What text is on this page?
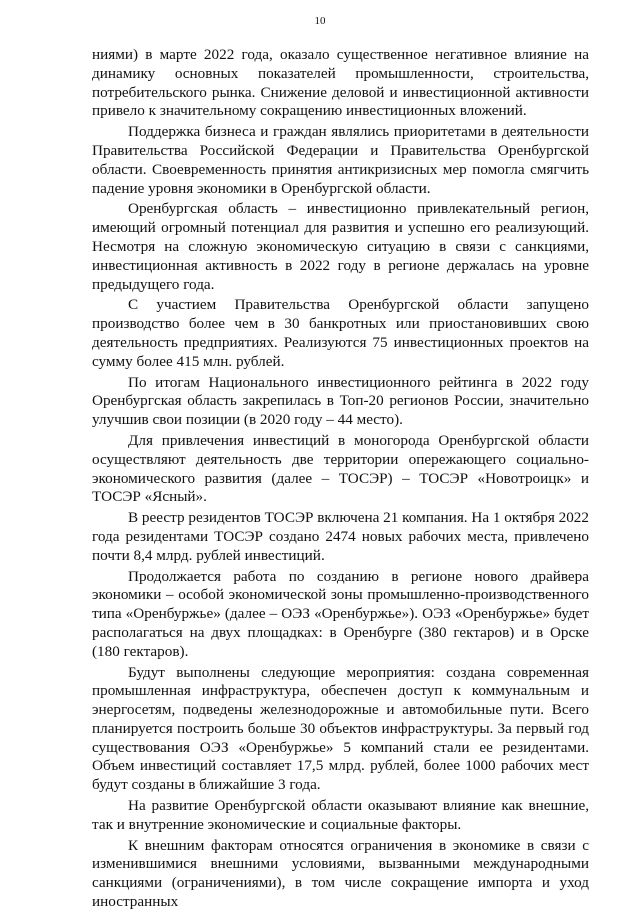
10

ниями) в марте 2022 года, оказало существенное негативное влияние на динамику основных показателей промышленности, строительства, потребительского рынка. Снижение деловой и инвестиционной активности привело к значительному сокращению инвестиционных вложений.

Поддержка бизнеса и граждан являлись приоритетами в деятельности Правительства Российской Федерации и Правительства Оренбургской области. Своевременность принятия антикризисных мер помогла смягчить падение уровня экономики в Оренбургской области.

Оренбургская область – инвестиционно привлекательный регион, имеющий огромный потенциал для развития и успешно его реализующий. Несмотря на сложную экономическую ситуацию в связи с санкциями, инвестиционная активность в 2022 году в регионе держалась на уровне предыдущего года.

С участием Правительства Оренбургской области запущено производство более чем в 30 банкротных или приостановивших свою деятельность предприятиях. Реализуются 75 инвестиционных проектов на сумму более 415 млн. рублей.

По итогам Национального инвестиционного рейтинга в 2022 году Оренбургская область закрепилась в Топ-20 регионов России, значительно улучшив свои позиции (в 2020 году – 44 место).

Для привлечения инвестиций в моногорода Оренбургской области осуществляют деятельность две территории опережающего социально-экономического развития (далее – ТОСЭР) – ТОСЭР «Новотроицк» и ТОСЭР «Ясный».

В реестр резидентов ТОСЭР включена 21 компания. На 1 октября 2022 года резидентами ТОСЭР создано 2474 новых рабочих места, привлечено почти 8,4 млрд. рублей инвестиций.

Продолжается работа по созданию в регионе нового драйвера экономики – особой экономической зоны промышленно-производственного типа «Оренбуржье» (далее – ОЭЗ «Оренбуржье»). ОЭЗ «Оренбуржье» будет располагаться на двух площадках: в Оренбурге (380 гектаров) и в Орске (180 гектаров).

Будут выполнены следующие мероприятия: создана современная промышленная инфраструктура, обеспечен доступ к коммунальным и энергосетям, подведены железнодорожные и автомобильные пути. Всего планируется построить больше 30 объектов инфраструктуры. За первый год существования ОЭЗ «Оренбуржье» 5 компаний стали ее резидентами. Объем инвестиций составляет 17,5 млрд. рублей, более 1000 рабочих мест будут созданы в ближайшие 3 года.

На развитие Оренбургской области оказывают влияние как внешние, так и внутренние экономические и социальные факторы.

К внешним факторам относятся ограничения в экономике в связи с изменившимися внешними условиями, вызванными международными санкциями (ограничениями), в том числе сокращение импорта и уход иностранных
